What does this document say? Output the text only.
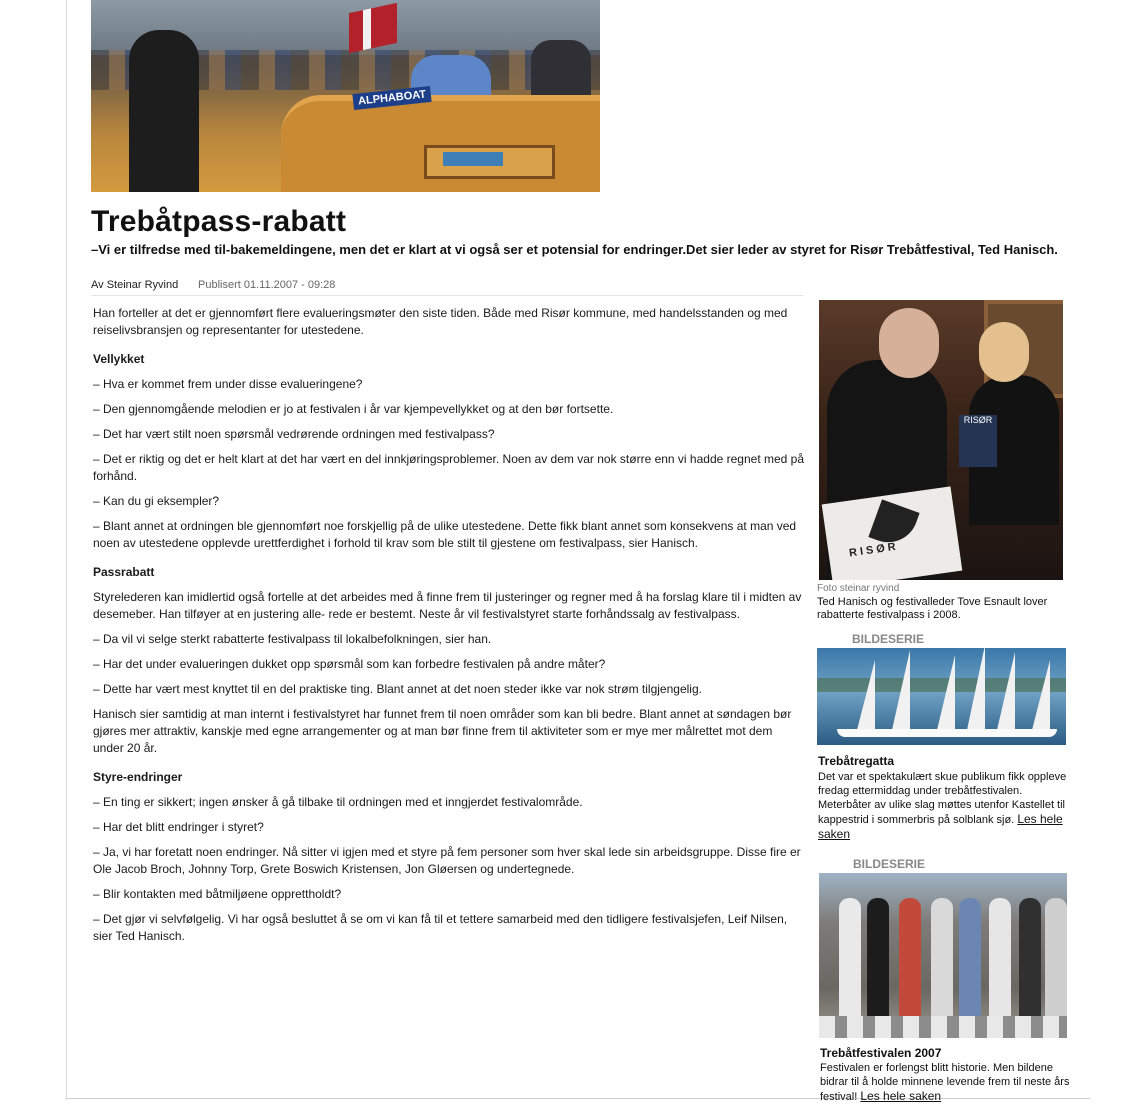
ALPHABOAT
Trebåtpass-rabatt
–Vi er tilfredse med til-bakemeldingene, men det er klart at vi også ser et potensial for endringer.Det sier leder av styret for Risør Trebåtfestival, Ted Hanisch.
Av Steinar Ryvind Publisert 01.11.2007 - 09:28
Han forteller at det er gjennomført flere evalueringsmøter den siste tiden. Både med Risør kommune, med handelsstanden og med reiselivsbransjen og representanter for utestedene.
Vellykket
– Hva er kommet frem under disse evalueringene?
– Den gjennomgående melodien er jo at festivalen i år var kjempevellykket og at den bør fortsette.
– Det har vært stilt noen spørsmål vedrørende ordningen med festivalpass?
– Det er riktig og det er helt klart at det har vært en del innkjøringsproblemer. Noen av dem var nok større enn vi hadde regnet med på forhånd.
– Kan du gi eksempler?
– Blant annet at ordningen ble gjennomført noe forskjellig på de ulike utestedene. Dette fikk blant annet som konsekvens at man ved noen av utestedene opplevde urettferdighet i forhold til krav som ble stilt til gjestene om festivalpass, sier Hanisch.
Passrabatt
Styrelederen kan imidlertid også fortelle at det arbeides med å finne frem til justeringer og regner med å ha forslag klare til i midten av desemeber. Han tilføyer at en justering alle- rede er bestemt. Neste år vil festivalstyret starte forhåndssalg av festivalpass.
– Da vil vi selge sterkt rabatterte festivalpass til lokalbefolkningen, sier han.
– Har det under evalueringen dukket opp spørsmål som kan forbedre festivalen på andre måter?
– Dette har vært mest knyttet til en del praktiske ting. Blant annet at det noen steder ikke var nok strøm tilgjengelig.
Hanisch sier samtidig at man internt i festivalstyret har funnet frem til noen områder som kan bli bedre. Blant annet at søndagen bør gjøres mer attraktiv, kanskje med egne arrangementer og at man bør finne frem til aktiviteter som er myе mer målrettet mot dem under 20 år.
Styre-endringer
– En ting er sikkert; ingen ønsker å gå tilbake til ordningen med et inngjerdet festivalområde.
– Har det blitt endringer i styret?
– Ja, vi har foretatt noen endringer. Nå sitter vi igjen med et styre på fem personer som hver skal lede sin arbeidsgruppe. Disse fire er Ole Jacob Broch, Johnny Torp, Grete Boswich Kristensen, Jon Gløersen og undertegnede.
– Blir kontakten med båtmiljøene opprettholdt?
– Det gjør vi selvfølgelig. Vi har også besluttet å se om vi kan få til et tettere samarbeid med den tidligere festivalsjefen, Leif Nilsen, sier Ted Hanisch.
RISØR
RISØR
Foto steinar ryvind
Ted Hanisch og festivalleder Tove Esnault lover rabatterte festivalpass i 2008.
BILDESERIE
Trebåtregatta
Det var et spektakulært skue publikum fikk oppleve fredag ettermiddag under trebåtfestivalen. Meterbåter av ulike slag møttes utenfor Kastellet til kappestrid i sommerbris på solblank sjø. Les hele saken
BILDESERIE
Trebåtfestivalen 2007
Festivalen er forlengst blitt historie. Men bildene bidrar til å holde minnene levende frem til neste års festival! Les hele saken
